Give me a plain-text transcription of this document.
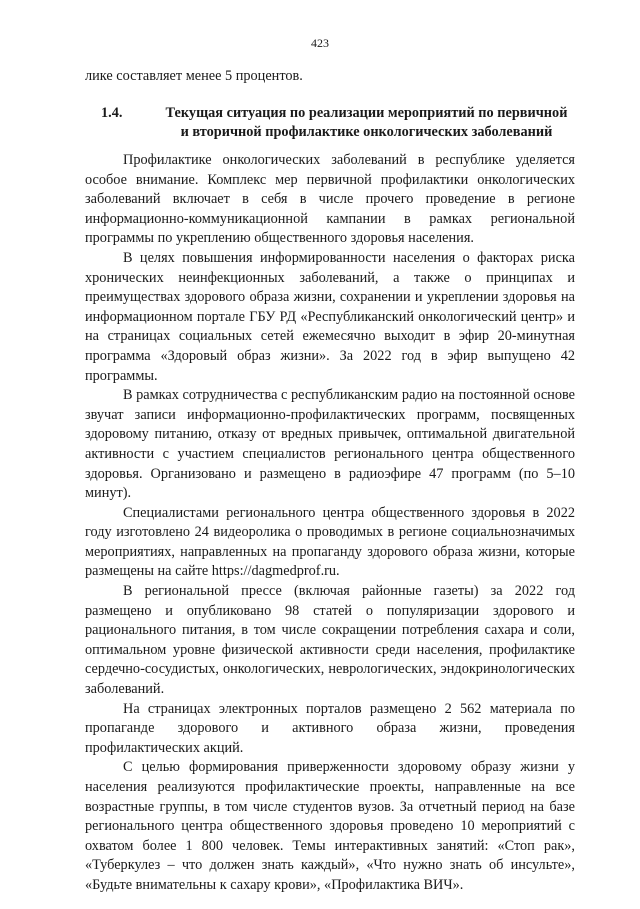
423

лике составляет менее 5 процентов.

1.4.	Текущая ситуация по реализации мероприятий по первичной
и вторичной профилактике онкологических заболеваний

Профилактике онкологических заболеваний в республике уделяется особое внимание. Комплекс мер первичной профилактики онкологических заболеваний включает в себя в числе прочего проведение в регионе информационно-коммуникационной кампании в рамках региональной программы по укреплению общественного здоровья населения.

В целях повышения информированности населения о факторах риска хронических неинфекционных заболеваний, а также о принципах и преимуществах здорового образа жизни, сохранении и укреплении здоровья на информационном портале ГБУ РД «Республиканский онкологический центр» и на страницах социальных сетей ежемесячно выходит в эфир 20-минутная программа «Здоровый образ жизни». За 2022 год в эфир выпущено 42 программы.

В рамках сотрудничества с республиканским радио на постоянной основе звучат записи информационно-профилактических программ, посвященных здоровому питанию, отказу от вредных привычек, оптимальной двигательной активности с участием специалистов регионального центра общественного здоровья. Организовано и размещено в радиоэфире 47 программ (по 5–10 минут).

Специалистами регионального центра общественного здоровья в 2022 году изготовлено 24 видеоролика о проводимых в регионе социальнозначимых мероприятиях, направленных на пропаганду здорового образа жизни, которые размещены на сайте https://dagmedprof.ru.

В региональной прессе (включая районные газеты) за 2022 год размещено и опубликовано 98 статей о популяризации здорового и рационального питания, в том числе сокращении потребления сахара и соли, оптимальном уровне физической активности среди населения, профилактике сердечно-сосудистых, онкологических, неврологических, эндокринологических заболеваний.

На страницах электронных порталов размещено 2 562 материала по пропаганде здорового и активного образа жизни, проведения профилактических акций.

С целью формирования приверженности здоровому образу жизни у населения реализуются профилактические проекты, направленные на все возрастные группы, в том числе студентов вузов. За отчетный период на базе регионального центра общественного здоровья проведено 10 мероприятий с охватом более 1 800 человек. Темы интерактивных занятий: «Стоп рак», «Туберкулез – что должен знать каждый», «Что нужно знать об инсульте», «Будьте внимательны к сахару крови», «Профилактика ВИЧ».
